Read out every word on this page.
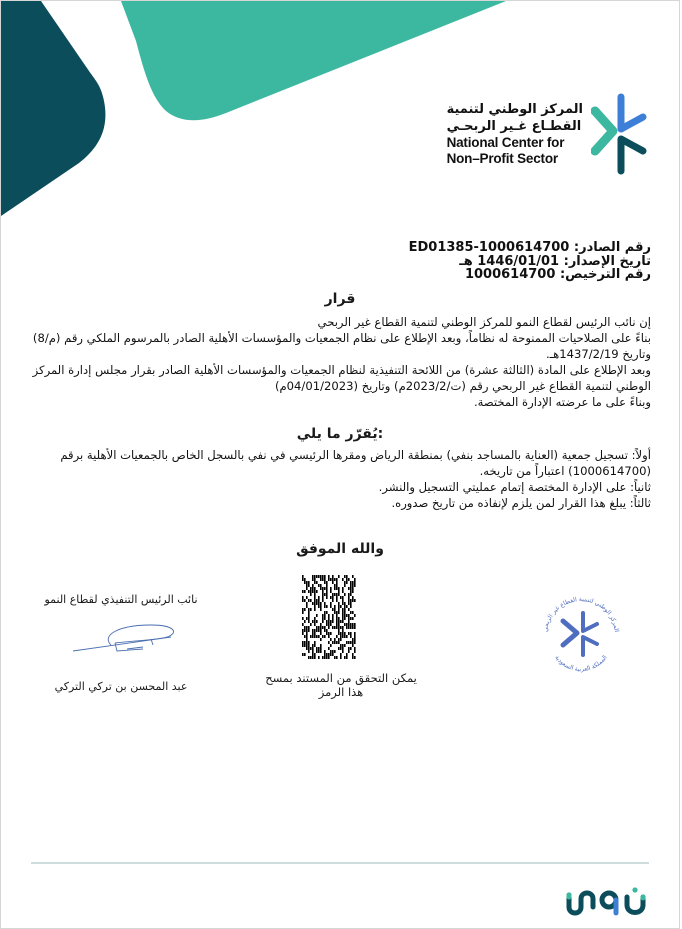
المركز الوطني لتنمية
القطـاع غـير الربحـي
National Center for
Non–Profit Sector
رقم الصادر: ED01385-1000614700
تاريخ الإصدار: 1446/01/01 هـ
رقم الترخيص: 1000614700
قرار

إن نائب الرئيس لقطاع النمو للمركز الوطني لتنمية القطاع غير الربحي

بناءً على الصلاحيات الممنوحة له نظاماً، وبعد الإطلاع على نظام الجمعيات والمؤسسات الأهلية الصادر بالمرسوم الملكي رقم (م/8) وتاريخ 1437/2/19هـ.

وبعد الإطلاع على المادة (الثالثة عشرة) من اللائحة التنفيذية لنظام الجمعيات والمؤسسات الأهلية الصادر بقرار مجلس إدارة المركز الوطني لتنمية القطاع غير الربحي رقم (ت/2023/2م) وتاريخ (04/01/2023م)

وبناءً على ما عرضته الإدارة المختصة.

يُقرّر ما يلي:

أولاً: تسجيل جمعية (العناية بالمساجد بنفي) بمنطقة الرياض ومقرها الرئيسي في نفي بالسجل الخاص بالجمعيات الأهلية برقم (1000614700) اعتباراً من تاريخه.

ثانياً: على الإدارة المختصة إتمام عمليتي التسجيل والنشر.

ثالثاً: يبلغ هذا القرار لمن يلزم لإنفاذه من تاريخ صدوره.

والله الموفق
يمكن التحقق من المستند بمسح
هذا الرمز
نائب الرئيس التنفيذي لقطاع النمو
عبد المحسن بن تركي التركي
المركز الوطني لتنمية القطاع غير الربحي
المملكة العربية السعودية
